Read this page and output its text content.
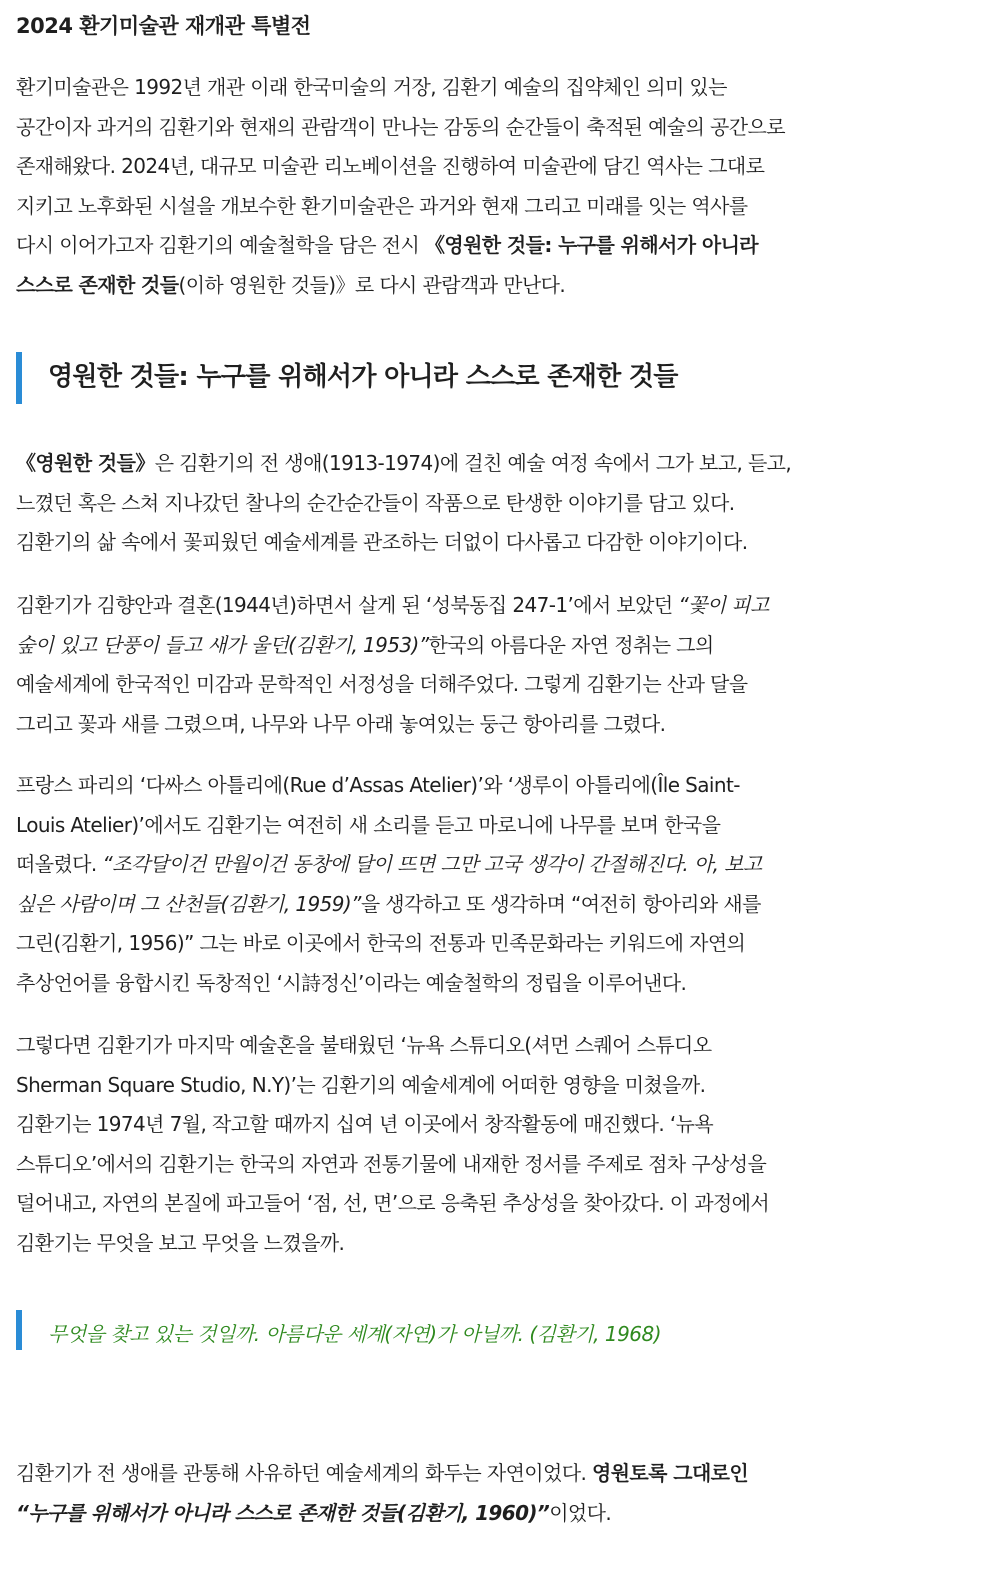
2024 환기미술관 재개관 특별전
환기미술관은 1992년 개관 이래 한국미술의 거장, 김환기 예술의 집약체인 의미 있는
공간이자 과거의 김환기와 현재의 관람객이 만나는 감동의 순간들이 축적된 예술의 공간으로
존재해왔다. 2024년, 대규모 미술관 리노베이션을 진행하여 미술관에 담긴 역사는 그대로
지키고 노후화된 시설을 개보수한 환기미술관은 과거와 현재 그리고 미래를 잇는 역사를
다시 이어가고자 김환기의 예술철학을 담은 전시 《영원한 것들: 누구를 위해서가 아니라
스스로 존재한 것들(이하 영원한 것들)》로 다시 관람객과 만난다.
영원한 것들: 누구를 위해서가 아니라 스스로 존재한 것들
《영원한 것들》은 김환기의 전 생애(1913-1974)에 걸친 예술 여정 속에서 그가 보고, 듣고,
느꼈던 혹은 스쳐 지나갔던 찰나의 순간순간들이 작품으로 탄생한 이야기를 담고 있다.
김환기의 삶 속에서 꽃피웠던 예술세계를 관조하는 더없이 다사롭고 다감한 이야기이다.
김환기가 김향안과 결혼(1944년)하면서 살게 된 ‘성북동집 247-1’에서 보았던 “꽃이 피고
숲이 있고 단풍이 들고 새가 울던(김환기, 1953)”한국의 아름다운 자연 정취는 그의
예술세계에 한국적인 미감과 문학적인 서정성을 더해주었다. 그렇게 김환기는 산과 달을
그리고 꽃과 새를 그렸으며, 나무와 나무 아래 놓여있는 둥근 항아리를 그렸다.
프랑스 파리의 ‘다싸스 아틀리에(Rue d’Assas Atelier)’와 ‘생루이 아틀리에(Île Saint-
Louis Atelier)’에서도 김환기는 여전히 새 소리를 듣고 마로니에 나무를 보며 한국을
떠올렸다. “조각달이건 만월이건 동창에 달이 뜨면 그만 고국 생각이 간절해진다. 아, 보고
싶은 사람이며 그 산천들(김환기, 1959)”을 생각하고 또 생각하며 “여전히 항아리와 새를
그린(김환기, 1956)” 그는 바로 이곳에서 한국의 전통과 민족문화라는 키워드에 자연의
추상언어를 융합시킨 독창적인 ‘시詩정신’이라는 예술철학의 정립을 이루어낸다.
그렇다면 김환기가 마지막 예술혼을 불태웠던 ‘뉴욕 스튜디오(셔먼 스퀘어 스튜디오
Sherman Square Studio, N.Y)’는 김환기의 예술세계에 어떠한 영향을 미쳤을까.
김환기는 1974년 7월, 작고할 때까지 십여 년 이곳에서 창작활동에 매진했다. ‘뉴욕
스튜디오’에서의 김환기는 한국의 자연과 전통기물에 내재한 정서를 주제로 점차 구상성을
덜어내고, 자연의 본질에 파고들어 ‘점, 선, 면’으로 응축된 추상성을 찾아갔다. 이 과정에서
김환기는 무엇을 보고 무엇을 느꼈을까.

무엇을 찾고 있는 것일까. 아름다운 세계(자연)가 아닐까. (김환기, 1968)

김환기가 전 생애를 관통해 사유하던 예술세계의 화두는 자연이었다. 영원토록 그대로인
“누구를 위해서가 아니라 스스로 존재한 것들(김환기, 1960)”이었다.
